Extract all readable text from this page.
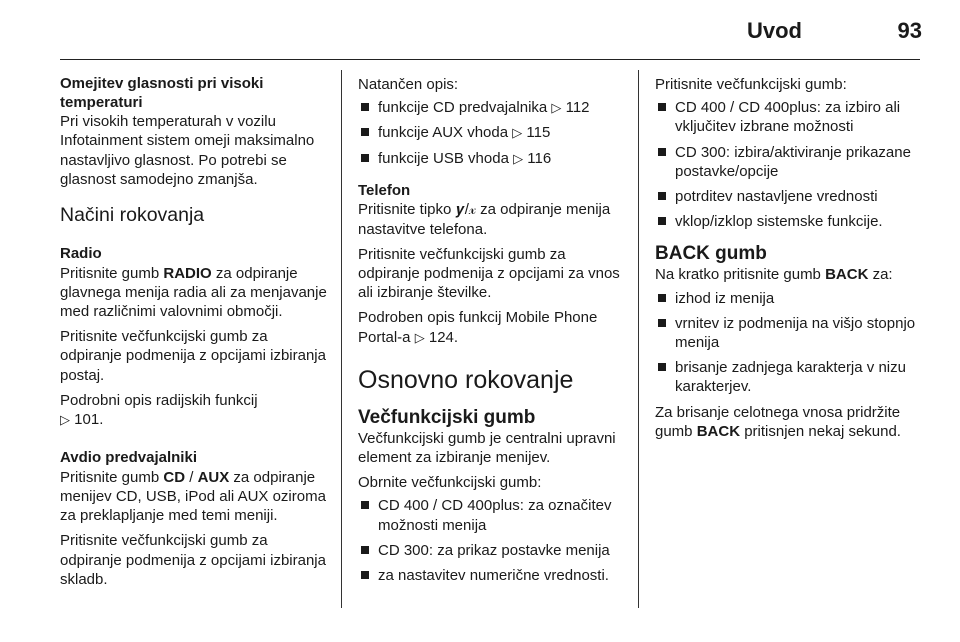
Uvod	93
Omejitev glasnosti pri visoki temperaturi

Pri visokih temperaturah v vozilu Infotainment sistem omeji maksimalno nastavljivo glasnost. Po potrebi se glasnost samodejno zmanjša.

Načini rokovanja
Radio

Pritisnite gumb RADIO za odpiranje glavnega menija radia ali za menjavanje med različnimi valovnimi območji.

Pritisnite večfunkcijski gumb za odpiranje podmenija z opcijami izbiranja postaj.

Podrobni opis radijskih funkcij
▷ 101.

Avdio predvajalniki

Pritisnite gumb CD / AUX za odpiranje menijev CD, USB, iPod ali AUX oziroma za preklapljanje med temi meniji.

Pritisnite večfunkcijski gumb za odpiranje podmenija z opcijami izbiranja skladb.

Natančen opis:

funkcije CD predvajalnika ▷ 112
funkcije AUX vhoda ▷ 115
funkcije USB vhoda ▷ 116
Telefon

Pritisnite tipko 𝒚/𝓍 za odpiranje menija nastavitve telefona.

Pritisnite večfunkcijski gumb za odpiranje podmenija z opcijami za vnos ali izbiranje številke.

Podroben opis funkcij Mobile Phone Portal-a ▷ 124.

Osnovno rokovanje
Večfunkcijski gumb

Večfunkcijski gumb je centralni upravni element za izbiranje menijev.

Obrnite večfunkcijski gumb:

CD 400 / CD 400plus: za označitev možnosti menija
CD 300: za prikaz postavke menija
za nastavitev numerične vrednosti.

Pritisnite večfunkcijski gumb:

CD 400 / CD 400plus: za izbiro ali vključitev izbrane možnosti
CD 300: izbira/aktiviranje prikazane postavke/opcije
potrditev nastavljene vrednosti
vklop/izklop sistemske funkcije.
BACK gumb

Na kratko pritisnite gumb BACK za:

izhod iz menija
vrnitev iz podmenija na višjo stopnjo menija
brisanje zadnjega karakterja v nizu karakterjev.

Za brisanje celotnega vnosa pridržite gumb BACK pritisnjen nekaj sekund.
